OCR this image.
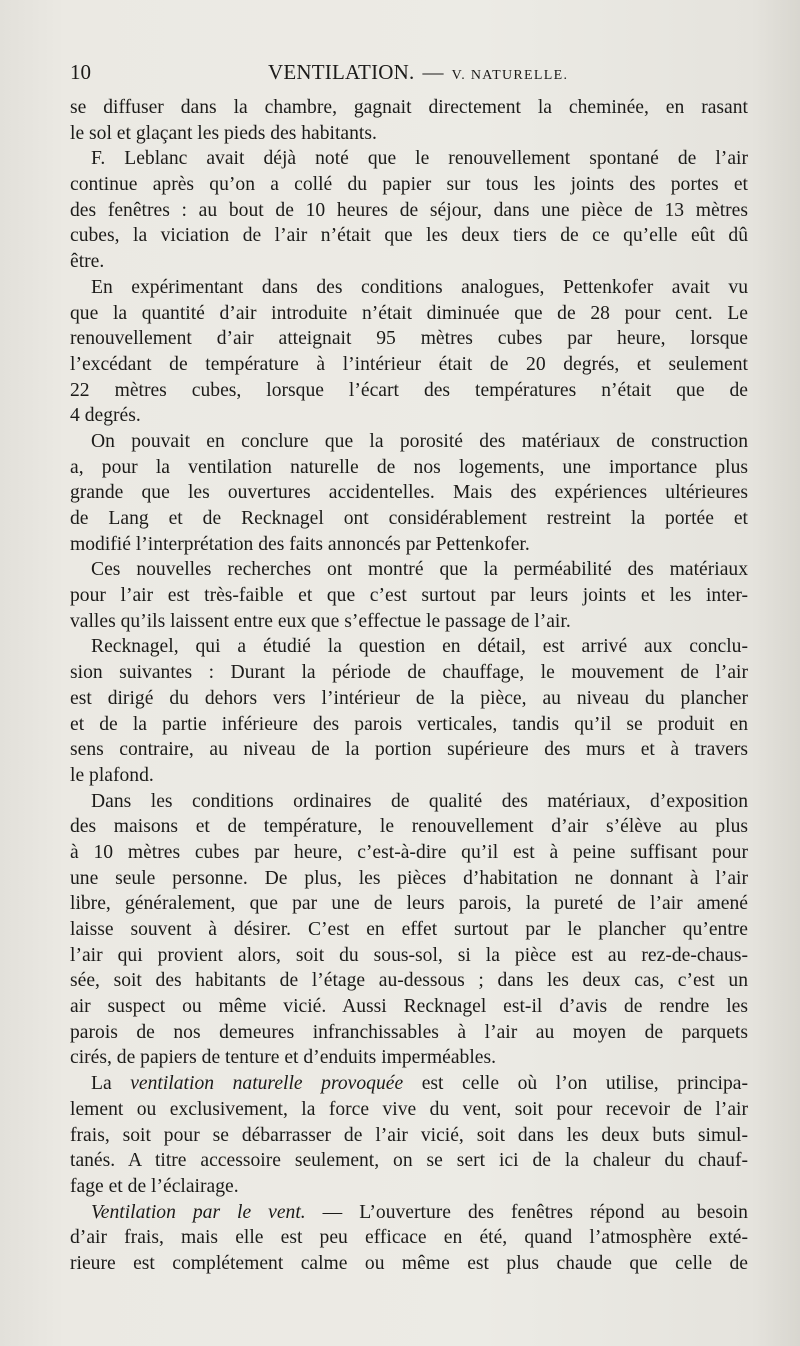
10	VENTILATION. — V. NATURELLE.
se diffuser dans la chambre, gagnait directement la cheminée, en rasant
le sol et glaçant les pieds des habitants.
F. Leblanc avait déjà noté que le renouvellement spontané de l’air
continue après qu’on a collé du papier sur tous les joints des portes et
des fenêtres : au bout de 10 heures de séjour, dans une pièce de 13 mètres
cubes, la viciation de l’air n’était que les deux tiers de ce qu’elle eût dû
être.
En expérimentant dans des conditions analogues, Pettenkofer avait vu
que la quantité d’air introduite n’était diminuée que de 28 pour cent. Le
renouvellement d’air atteignait 95 mètres cubes par heure, lorsque
l’excédant de température à l’intérieur était de 20 degrés, et seulement
22 mètres cubes, lorsque l’écart des températures n’était que de
4 degrés.
On pouvait en conclure que la porosité des matériaux de construction
a, pour la ventilation naturelle de nos logements, une importance plus
grande que les ouvertures accidentelles. Mais des expériences ultérieures
de Lang et de Recknagel ont considérablement restreint la portée et
modifié l’interprétation des faits annoncés par Pettenkofer.
Ces nouvelles recherches ont montré que la perméabilité des matériaux
pour l’air est très-faible et que c’est surtout par leurs joints et les inter-
valles qu’ils laissent entre eux que s’effectue le passage de l’air.
Recknagel, qui a étudié la question en détail, est arrivé aux conclu-
sion suivantes : Durant la période de chauffage, le mouvement de l’air
est dirigé du dehors vers l’intérieur de la pièce, au niveau du plancher
et de la partie inférieure des parois verticales, tandis qu’il se produit en
sens contraire, au niveau de la portion supérieure des murs et à travers
le plafond.
Dans les conditions ordinaires de qualité des matériaux, d’exposition
des maisons et de température, le renouvellement d’air s’élève au plus
à 10 mètres cubes par heure, c’est-à-dire qu’il est à peine suffisant pour
une seule personne. De plus, les pièces d’habitation ne donnant à l’air
libre, généralement, que par une de leurs parois, la pureté de l’air amené
laisse souvent à désirer. C’est en effet surtout par le plancher qu’entre
l’air qui provient alors, soit du sous-sol, si la pièce est au rez-de-chaus-
sée, soit des habitants de l’étage au-dessous ; dans les deux cas, c’est un
air suspect ou même vicié. Aussi Recknagel est-il d’avis de rendre les
parois de nos demeures infranchissables à l’air au moyen de parquets
cirés, de papiers de tenture et d’enduits imperméables.
La ventilation naturelle provoquée est celle où l’on utilise, principa-
lement ou exclusivement, la force vive du vent, soit pour recevoir de l’air
frais, soit pour se débarrasser de l’air vicié, soit dans les deux buts simul-
tanés. A titre accessoire seulement, on se sert ici de la chaleur du chauf-
fage et de l’éclairage.
Ventilation par le vent. — L’ouverture des fenêtres répond au besoin
d’air frais, mais elle est peu efficace en été, quand l’atmosphère exté-
rieure est complétement calme ou même est plus chaude que celle de
